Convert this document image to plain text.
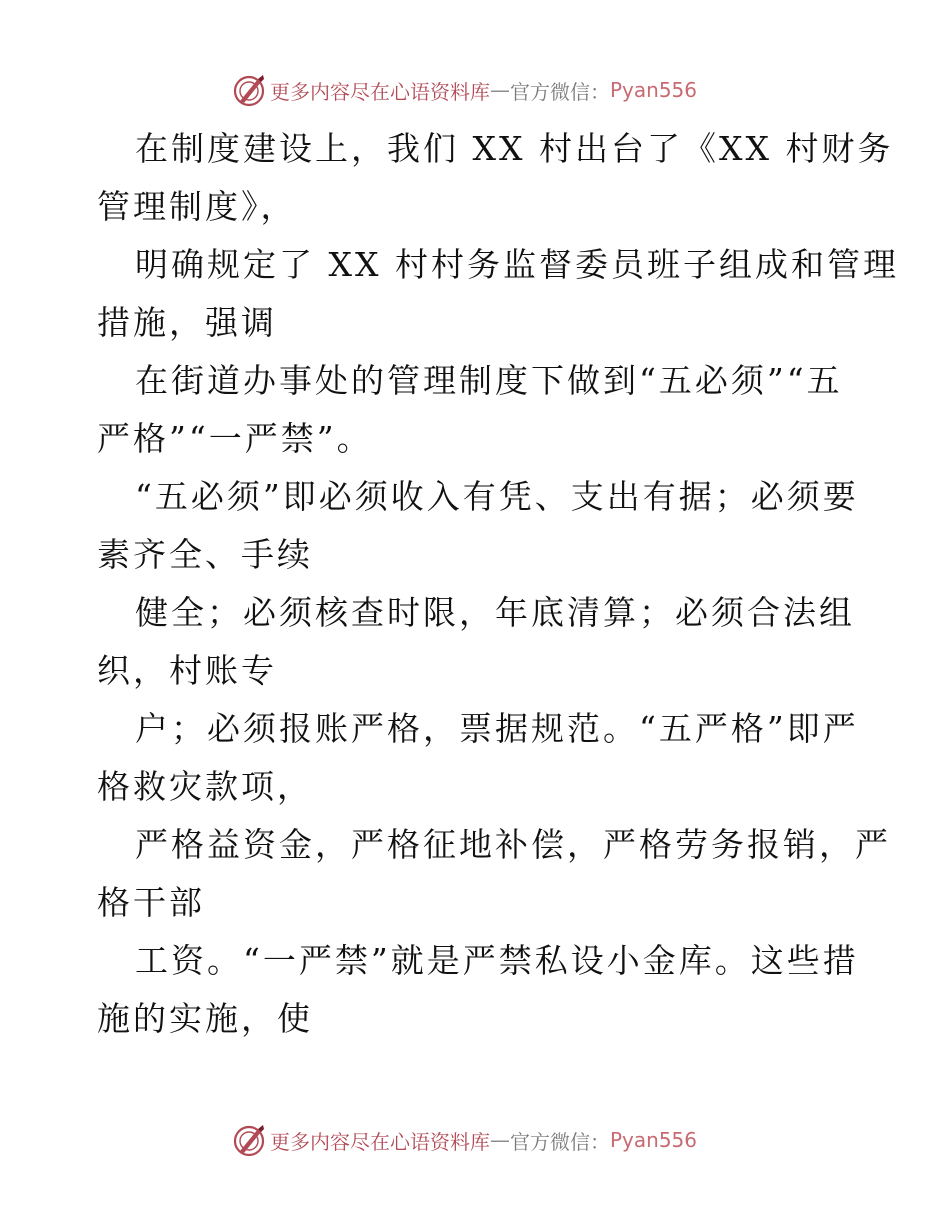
更多内容尽在心语资料库 — 官方微信： Pyan556
在制度建设上，我们 XX 村出台了《XX 村财务
管理制度》，
明确规定了 XX 村村务监督委员班子组成和管理
措施，强调
在街道办事处的管理制度下做到“五必须”“五
严格”“一严禁”。
“五必须”即必须收入有凭、支出有据；必须要
素齐全、手续
健全；必须核查时限，年底清算；必须合法组
织，村账专
户；必须报账严格，票据规范。“五严格”即严
格救灾款项，
严格益资金，严格征地补偿，严格劳务报销，严
格干部
工资。“一严禁”就是严禁私设小金库。这些措
施的实施，使
更多内容尽在心语资料库 — 官方微信： Pyan556
